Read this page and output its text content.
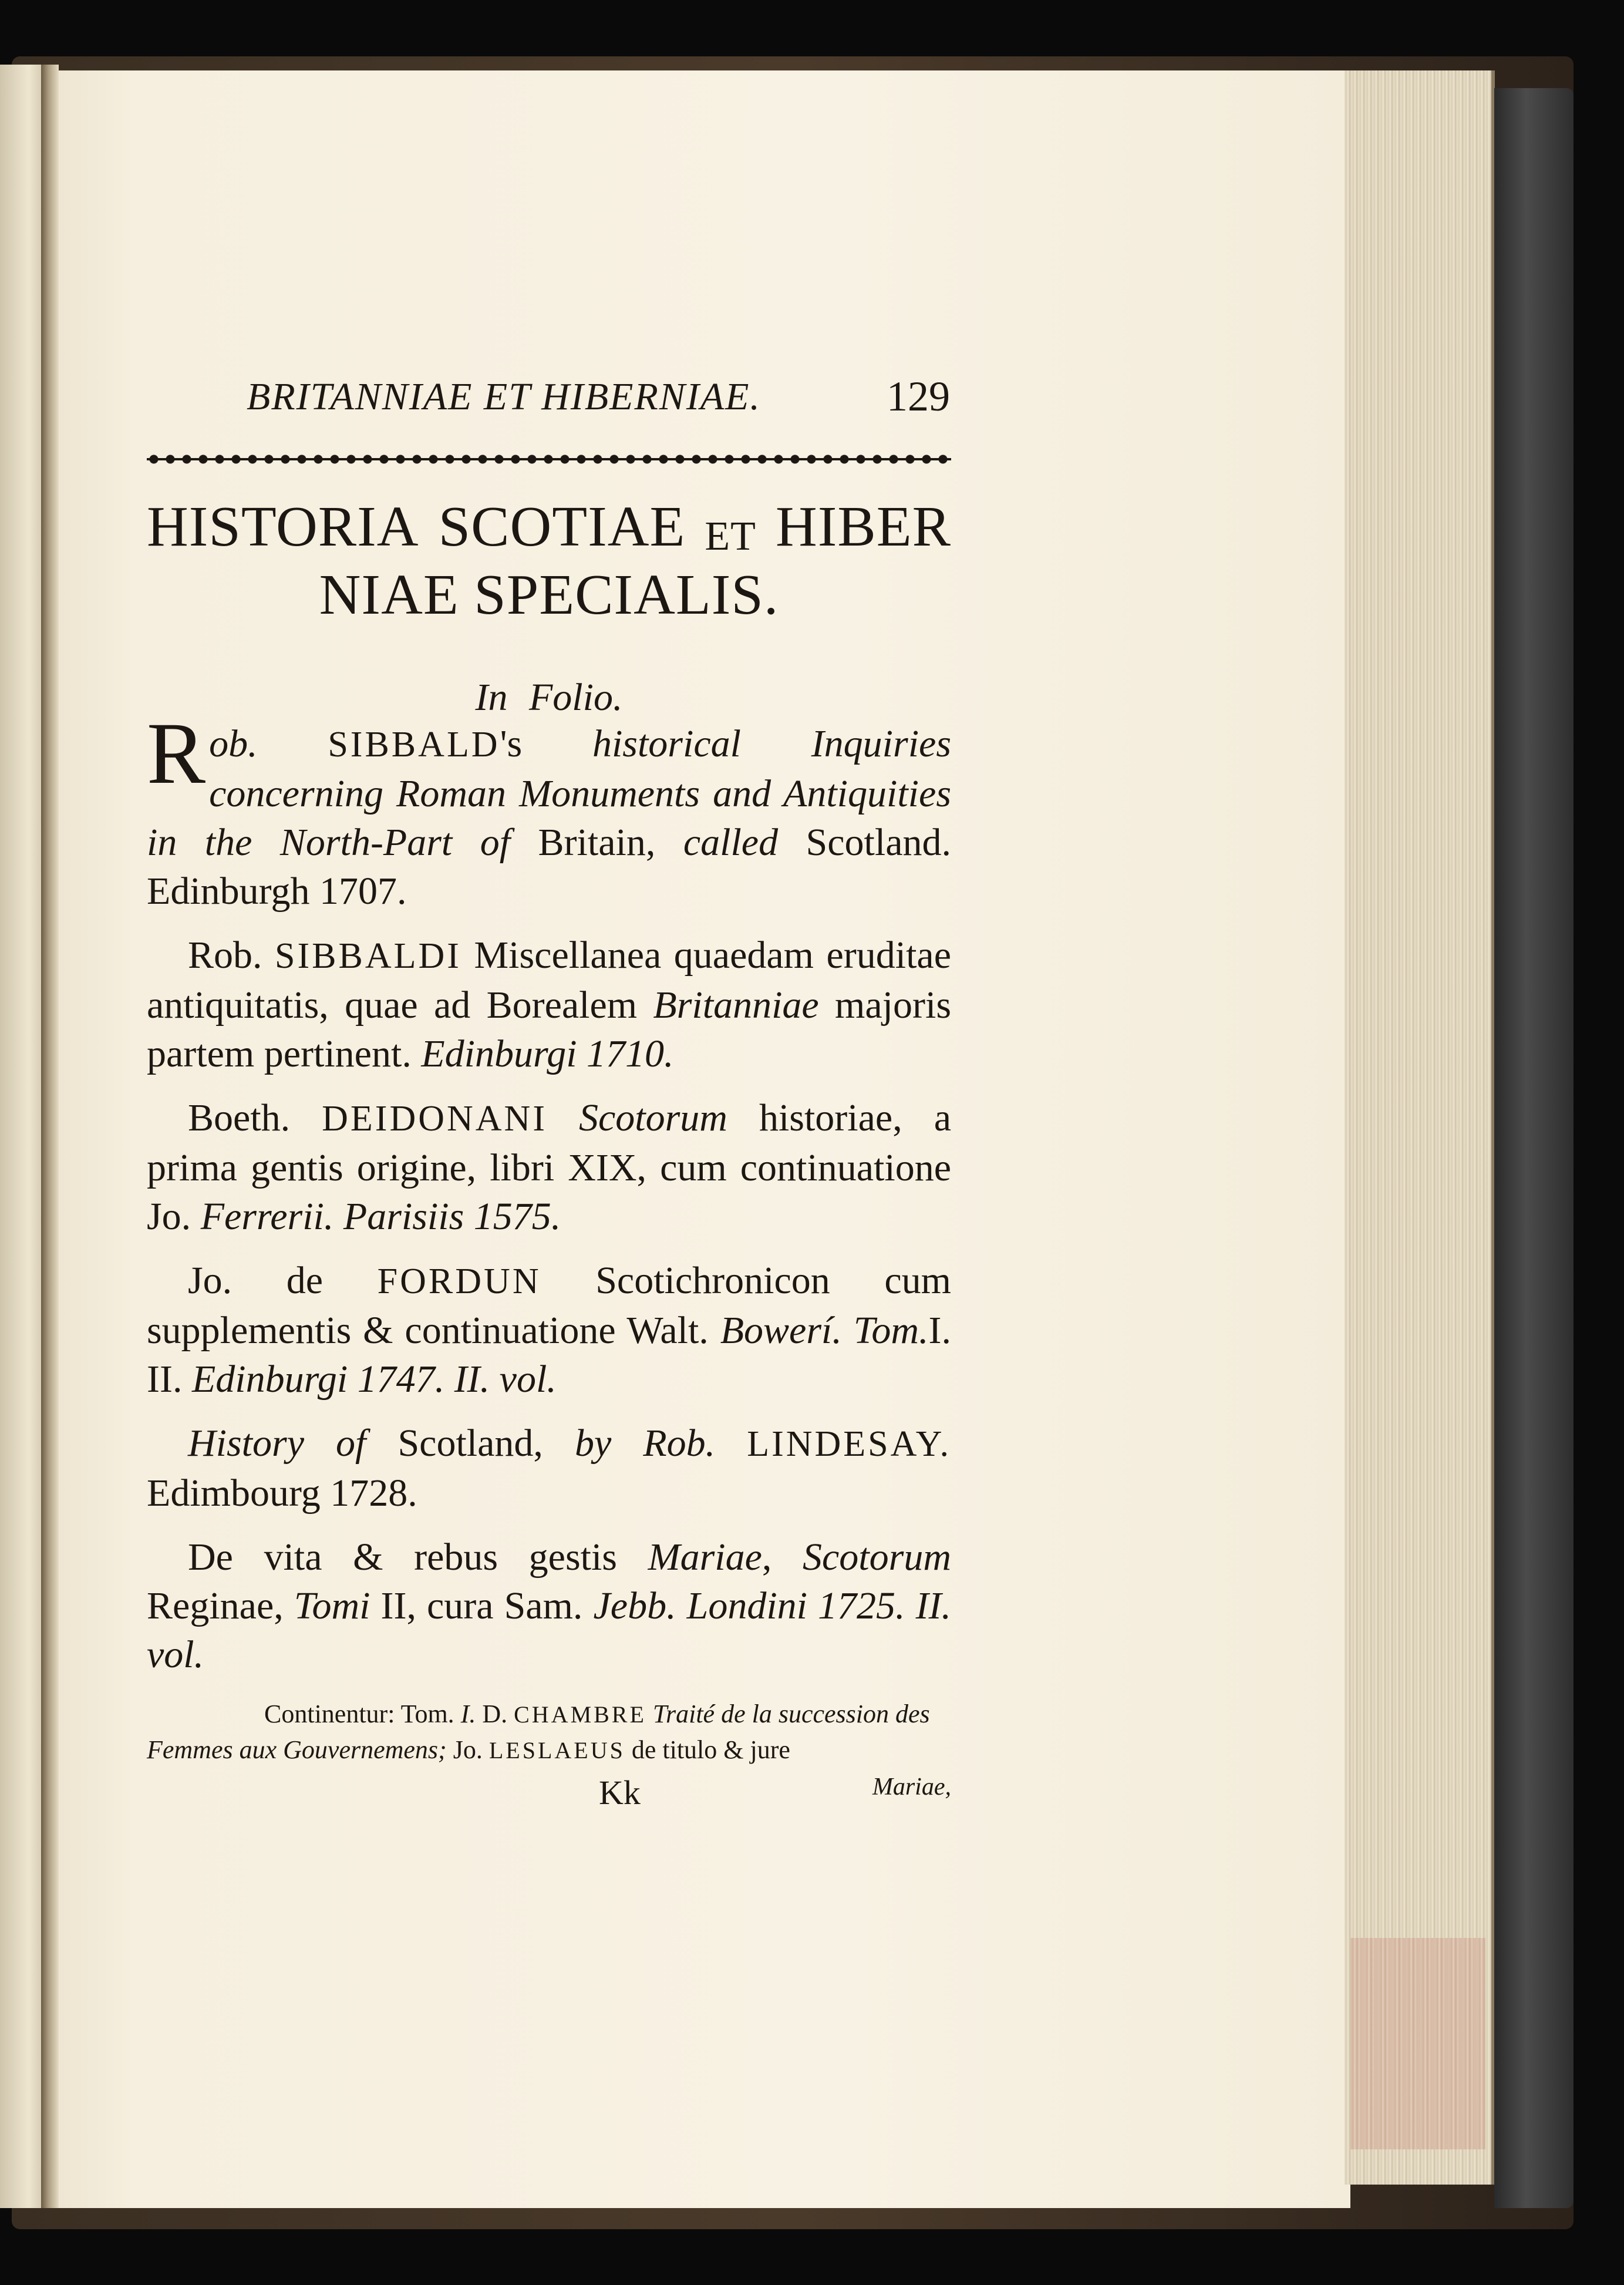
BRITANNIAE ET HIBERNIAE.	129
HISTORIA SCOTIAE ET HIBER
NIAE SPECIALIS.
In Folio.
Rob. SIBBALD's historical Inquiries concerning Roman Monuments and Antiquities in the North-Part of Britain, called Scotland. Edinburgh 1707.
Rob. SIBBALDI Miscellanea quaedam eruditae antiquitatis, quae ad Borealem Britanniae majoris partem pertinent. Edinburgi 1710.
Boeth. DEIDONANI Scotorum historiae, a prima gentis origine, libri XIX, cum continuatione Jo. Ferrerii. Parisiis 1575.
Jo. de FORDUN Scotichronicon cum supplementis & continuatione Walt. Bowerí. Tom.I. II. Edinburgi 1747. II. vol.
History of Scotland, by Rob. LINDESAY. Edimbourg 1728.
De vita & rebus gestis Mariae, Scotorum Reginae, Tomi II, cura Sam. Jebb. Londini 1725. II. vol.
Continentur: Tom. I. D. CHAMBRE Traité de la succession des Femmes aux Gouvernemens; Jo. LESLAEUS de titulo & jure
Kk	Mariae,
